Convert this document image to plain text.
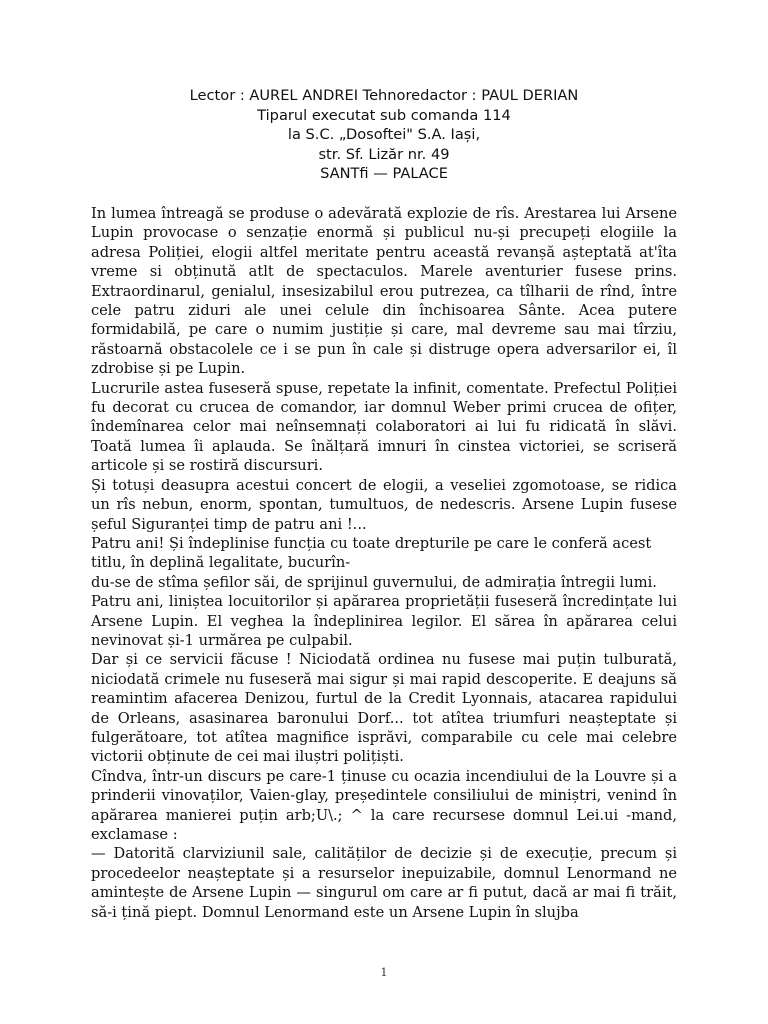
Lector : AUREL ANDREI Tehnoredactor : PAUL DERIAN
Tiparul executat sub comanda 114
la S.C. „Dosoftei" S.A. Iași,
str. Sf. Lizăr nr. 49
SANTfi — PALACE

In lumea întreagă se produse o adevărată explozie de rîs. Arestarea lui Arsene Lupin provocase o senzație enormă și publicul nu-și precupeți elogiile la adresa Poliției, elogii altfel meritate pentru această revanșă așteptată at'îta vreme si obținută atlt de spectaculos. Marele aventurier fusese prins. Extraordinarul, genialul, insesizabilul erou putrezea, ca tîlharii de rînd, între cele patru ziduri ale unei celule din închisoarea Sânte. Acea putere formidabilă, pe care o numim justiție și care, mal devreme sau mai tîrziu, răstoarnă obstacolele ce i se pun în cale și distruge opera adversarilor ei, îl zdrobise și pe Lupin.

Lucrurile astea fuseseră spuse, repetate la infinit, comentate. Prefectul Poliției fu decorat cu crucea de comandor, iar domnul Weber primi crucea de ofițer, îndemînarea celor mai neînsemnați colaboratori ai lui fu ridicată în slăvi. Toată lumea îi aplauda. Se înălțară imnuri în cinstea victoriei, se scriseră articole și se rostiră discursuri.

Și totuși deasupra acestui concert de elogii, a veseliei zgomotoase, se ridica un rîs nebun, enorm, spontan, tumultuos, de nedescris. Arsene Lupin fusese șeful Siguranței timp de patru ani !...

Patru ani! Și îndeplinise funcția cu toate drepturile pe care le conferă acest titlu, în deplină legalitate, bucurîn-

du-se de stîma șefilor săi, de sprijinul guvernului, de admirația întregii lumi.

Patru ani, liniștea locuitorilor și apărarea proprietății fuseseră încredințate lui Arsene Lupin. El veghea la îndeplinirea legilor. El sărea în apărarea celui nevinovat și-1 urmărea pe culpabil.

Dar și ce servicii făcuse ! Niciodată ordinea nu fusese mai puțin tulburată, niciodată crimele nu fuseseră mai sigur și mai rapid descoperite. E deajuns să reamintim afacerea Denizou, furtul de la Credit Lyonnais, atacarea rapidului de Orleans, asasinarea baronului Dorf... tot atîtea triumfuri neașteptate și fulgerătoare, tot atîtea magnifice isprăvi, comparabile cu cele mai celebre victorii obținute de cei mai iluștri polițiști.

Cîndva, într-un discurs pe care-1 ținuse cu ocazia incendiului de la Louvre și a prinderii vinovaților, Vaien-glay, președintele consiliului de miniștri, venind în apărarea manierei puțin arb;U\.; ^ la care recursese domnul Lei.ui -mand, exclamase :

— Datorită clarviziunil sale, calităților de decizie și de execuție, precum și procedeelor neașteptate și a resurselor inepuizabile, domnul Lenormand ne amintește de Arsene Lupin — singurul om care ar fi putut, dacă ar mai fi trăit, să-i țină piept. Domnul Lenormand este un Arsene Lupin în slujba

1
